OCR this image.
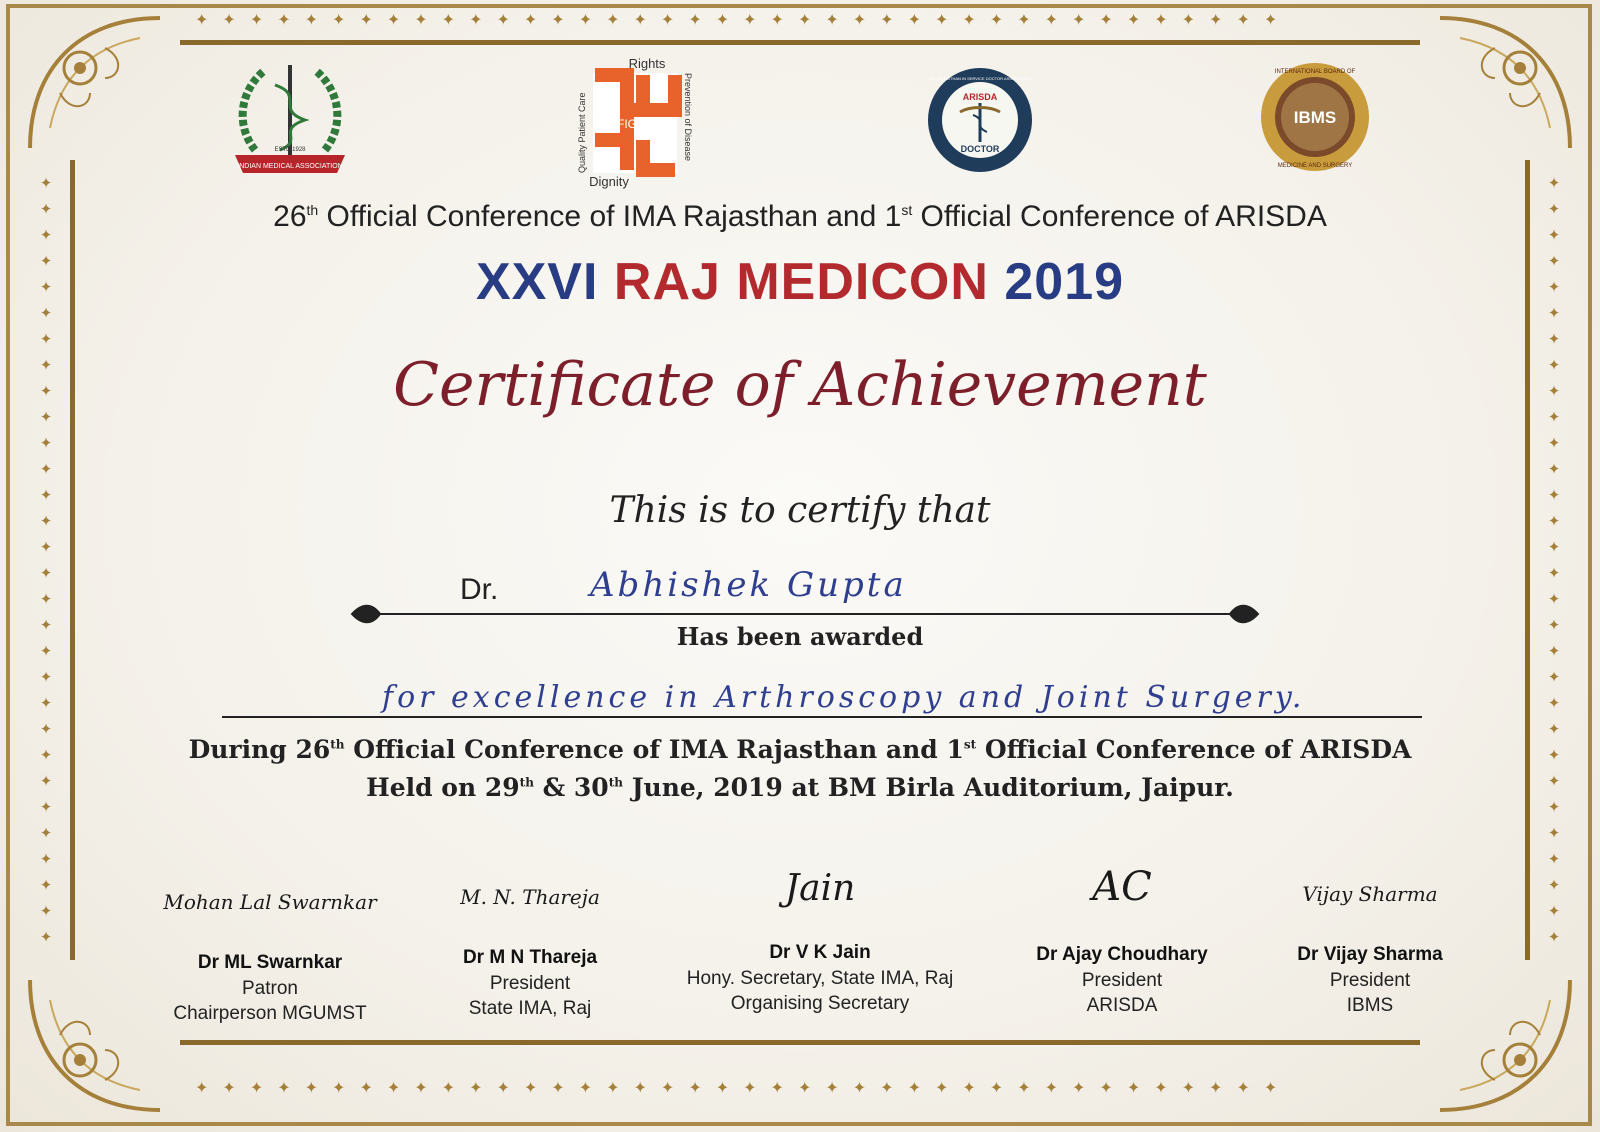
✦✦✦✦✦✦✦✦✦✦✦✦✦✦✦✦✦✦✦✦✦✦✦✦✦✦✦✦✦✦✦✦✦✦✦✦✦✦✦✦
✦✦✦✦✦✦✦✦✦✦✦✦✦✦✦✦✦✦✦✦✦✦✦✦✦✦✦✦✦✦✦✦✦✦✦✦✦✦✦✦
✦
✦
✦
✦
✦
✦
✦
✦
✦
✦
✦
✦
✦
✦
✦
✦
✦
✦
✦
✦
✦
✦
✦
✦
✦
✦
✦
✦
✦
✦
✦
✦
✦
✦
✦
✦
✦
✦
✦
✦
✦
✦
✦
✦
✦
✦
✦
✦
✦
✦
✦
✦
✦
✦
✦
✦
✦
✦
✦
✦
INDIAN MEDICAL ASSOCIATION
ESTD 1928
FIGHT
Rights
Dignity
Quality Patient Care	Prevention of Disease	ALL RAJASTHAN IN SERVICE DOCTOR ASSOCIATION
ARISDA
DOCTOR
IBMS
INTERNATIONAL BOARD OF
MEDICINE AND SURGERY
26th Official Conference of IMA Rajasthan and 1st Official Conference of ARISDA
XXVI RAJ MEDICON 2019
Certificate of Achievement
This is to certify that
Dr.	Abhishek Gupta
Has been awarded
for excellence in Arthroscopy and Joint Surgery.
During 26th Official Conference of IMA Rajasthan and 1st Official Conference of ARISDA
Held on 29th & 30th June, 2019 at BM Birla Auditorium, Jaipur.
Mohan Lal Swarnkar
Dr ML Swarnkar
Patron
Chairperson MGUMST
M. N. Thareja
Dr M N Thareja
President
State IMA, Raj
Jain
Dr V K Jain
Hony. Secretary, State IMA, Raj
Organising Secretary
AC
Dr Ajay Choudhary
President
ARISDA
Vijay Sharma
Dr Vijay Sharma
President
IBMS
